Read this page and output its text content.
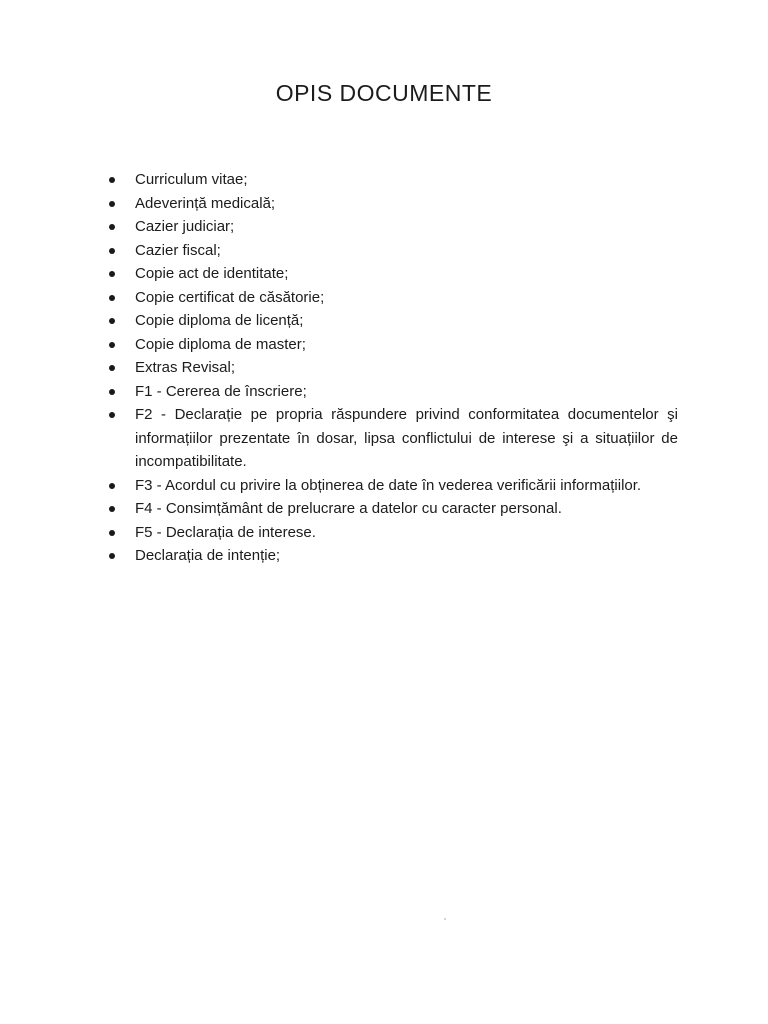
OPIS DOCUMENTE
Curriculum vitae;
Adeverință medicală;
Cazier judiciar;
Cazier fiscal;
Copie act de identitate;
Copie certificat de căsătorie;
Copie diploma de licență;
Copie diploma de master;
Extras Revisal;
F1 - Cererea de înscriere;
F2 - Declarație pe propria răspundere privind conformitatea documentelor şi informațiilor prezentate în dosar, lipsa conflictului de interese şi a situațiilor de incompatibilitate.
F3 - Acordul cu privire la obținerea de date în vederea verificării informațiilor.
F4 - Consimțământ de prelucrare a datelor cu caracter personal.
F5 - Declarația de interese.
Declarația de intenție;
